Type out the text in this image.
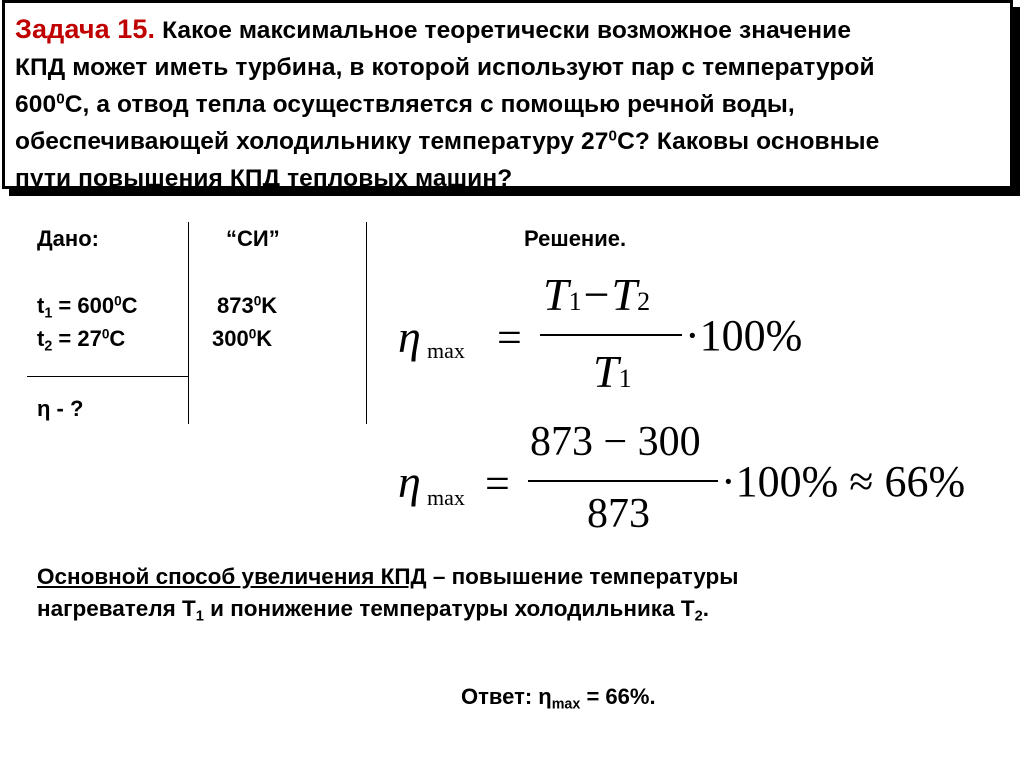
Задача 15. Какое максимальное теоретически возможное значение
КПД может иметь турбина, в которой используют пар с температурой
$600^0С$, а отвод тепла осуществляется с помощью речной воды,
обеспечивающей холодильнику температуру $27^0С$? Каковы основные
пути повышения КПД тепловых машин?
Дано:
$t_1 = 600^0C$
$t_2 = 27^0C$
η - ?
“СИ”
$873^0K$
$300^0K$
Решение.
η max =
T1−T2
T1
·100%
η max =
873 − 300
873
·100% ≈ 66%
Основной способ увеличения КПД – повышение температуры
нагревателя $Т_1$ и понижение температуры холодильника $Т_2$.
Ответ: $\eta_{max} = 66\%$.
